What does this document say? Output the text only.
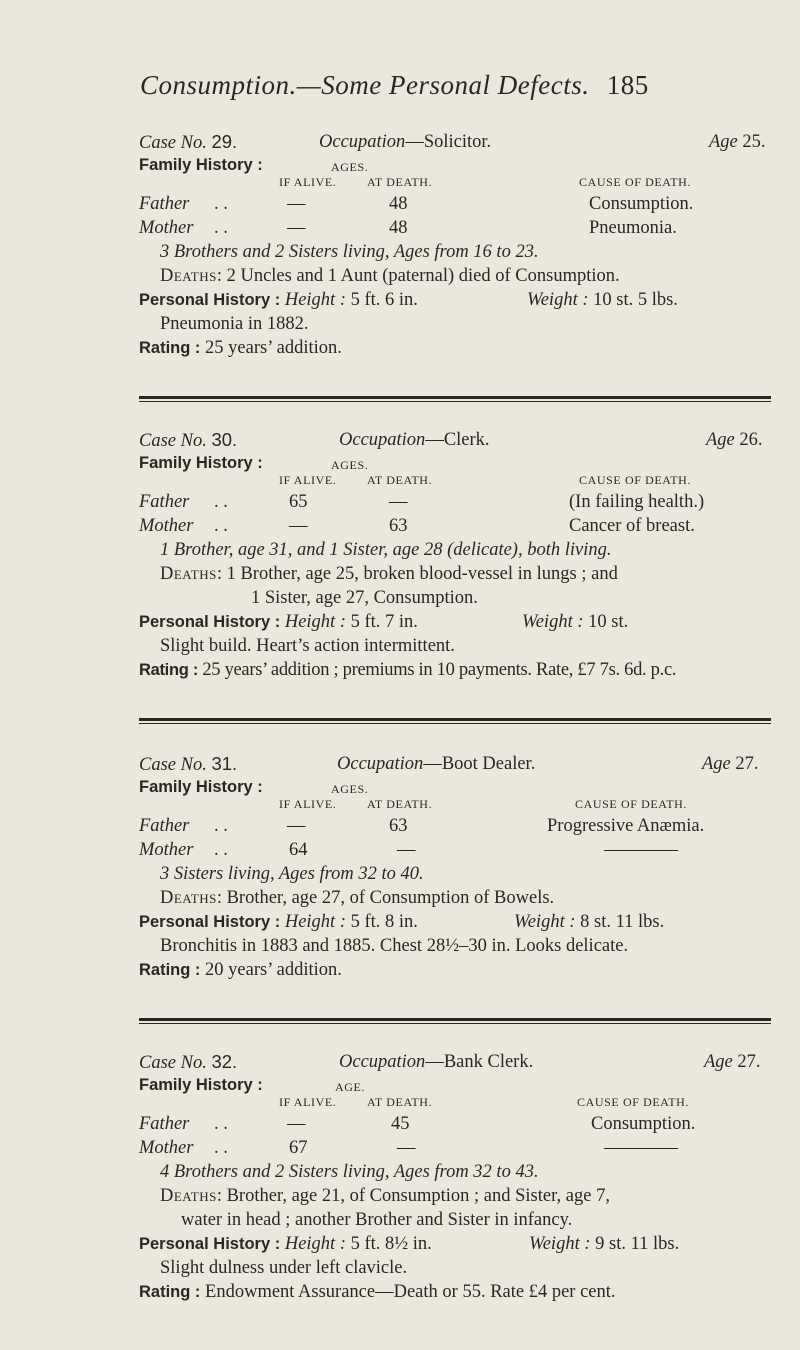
Consumption.—Some Personal Defects. 185
Case No. 29.	Occupation—Solicitor.	Age 25.
Family History :	AGES.
IF ALIVE.	AT DEATH.	CAUSE OF DEATH.
Father . .	—	48	Consumption.
Mother . .	—	48	Pneumonia.
3 Brothers and 2 Sisters living, Ages from 16 to 23.
Deaths: 2 Uncles and 1 Aunt (paternal) died of Consumption.
Personal History : Height : 5 ft. 6 in.	Weight : 10 st. 5 lbs.
Pneumonia in 1882.
Rating : 25 years’ addition.
Case No. 30.	Occupation—Clerk.	Age 26.
Family History :	AGES.
IF ALIVE.	AT DEATH.	CAUSE OF DEATH.
Father . .	65	—	(In failing health.)
Mother . .	—	63	Cancer of breast.
1 Brother, age 31, and 1 Sister, age 28 (delicate), both living.
Deaths: 1 Brother, age 25, broken blood-vessel in lungs ; and
1 Sister, age 27, Consumption.
Personal History : Height : 5 ft. 7 in.	Weight : 10 st.
Slight build. Heart’s action intermittent.
Rating : 25 years’ addition ; premiums in 10 payments. Rate, £7 7s. 6d. p.c.
Case No. 31.	Occupation—Boot Dealer.	Age 27.
Family History :	AGES.
IF ALIVE.	AT DEATH.	CAUSE OF DEATH.
Father . .	—	63	Progressive Anæmia.
Mother . .	64	—	————
3 Sisters living, Ages from 32 to 40.
Deaths: Brother, age 27, of Consumption of Bowels.
Personal History : Height : 5 ft. 8 in.	Weight : 8 st. 11 lbs.
Bronchitis in 1883 and 1885. Chest 28½–30 in. Looks delicate.
Rating : 20 years’ addition.
Case No. 32.	Occupation—Bank Clerk.	Age 27.
Family History :	AGE.
IF ALIVE.	AT DEATH.	CAUSE OF DEATH.
Father . .	—	45	Consumption.
Mother . .	67	—	————
4 Brothers and 2 Sisters living, Ages from 32 to 43.
Deaths: Brother, age 21, of Consumption ; and Sister, age 7,
water in head ; another Brother and Sister in infancy.
Personal History : Height : 5 ft. 8½ in.	Weight : 9 st. 11 lbs.
Slight dulness under left clavicle.
Rating : Endowment Assurance—Death or 55. Rate £4 per cent.
